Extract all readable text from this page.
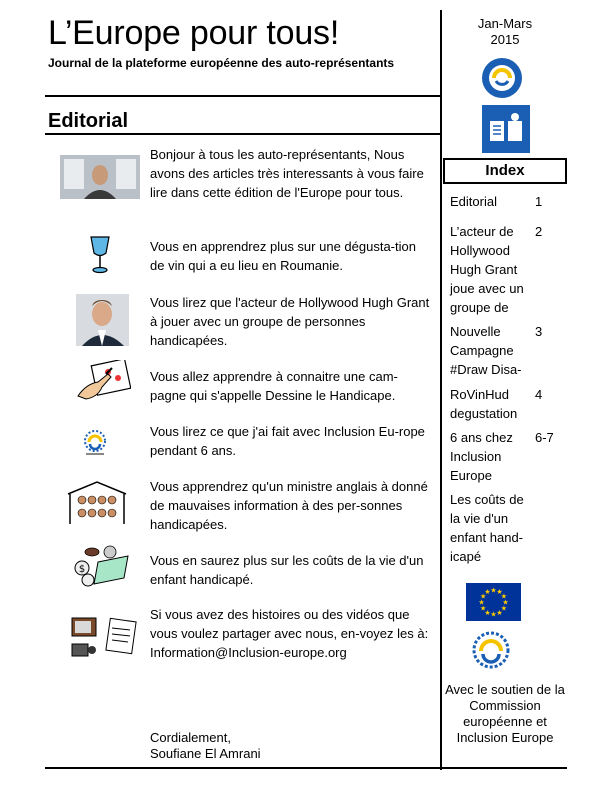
L’Europe pour tous!
Journal de la plateforme européenne des auto-représentants
Jan-Mars
2015
Editorial
$
Bonjour à tous les auto-représentants, Nous avons des articles très interessants à vous faire lire dans cette édition de l'Europe pour tous.
Vous en apprendrez plus sur une dégusta-tion de vin qui a eu lieu en Roumanie.
Vous lirez que l'acteur de Hollywood Hugh Grant à jouer avec un groupe de personnes handicapées.
Vous allez apprendre à connaitre une cam-pagne qui s'appelle Dessine le Handicape.
Vous lirez ce que j'ai fait avec Inclusion Eu-rope pendant 6 ans.
Vous apprendrez qu'un ministre anglais à donné de mauvaises information à des per-sonnes handicapées.
Vous en saurez plus sur les coûts de la vie d'un enfant handicapé.
Si vous avez des histoires ou des vidéos que vous voulez partager avec nous, en-voyez les à: Information@Inclusion-europe.org
Cordialement,
Soufiane El Amrani
Index
Editorial	1
L’acteur de Hollywood Hugh Grant joue avec un groupe de
2
Nouvelle Campagne #Draw Disa-
3
RoVinHud degustation
4
6 ans chez Inclusion Europe
6-7
Les coûts de la vie d'un enfant hand-icapé
★ ★
★
★
★
★
★
★
★
★
★
★
Avec le soutien de la Commission européenne et Inclusion Europe
